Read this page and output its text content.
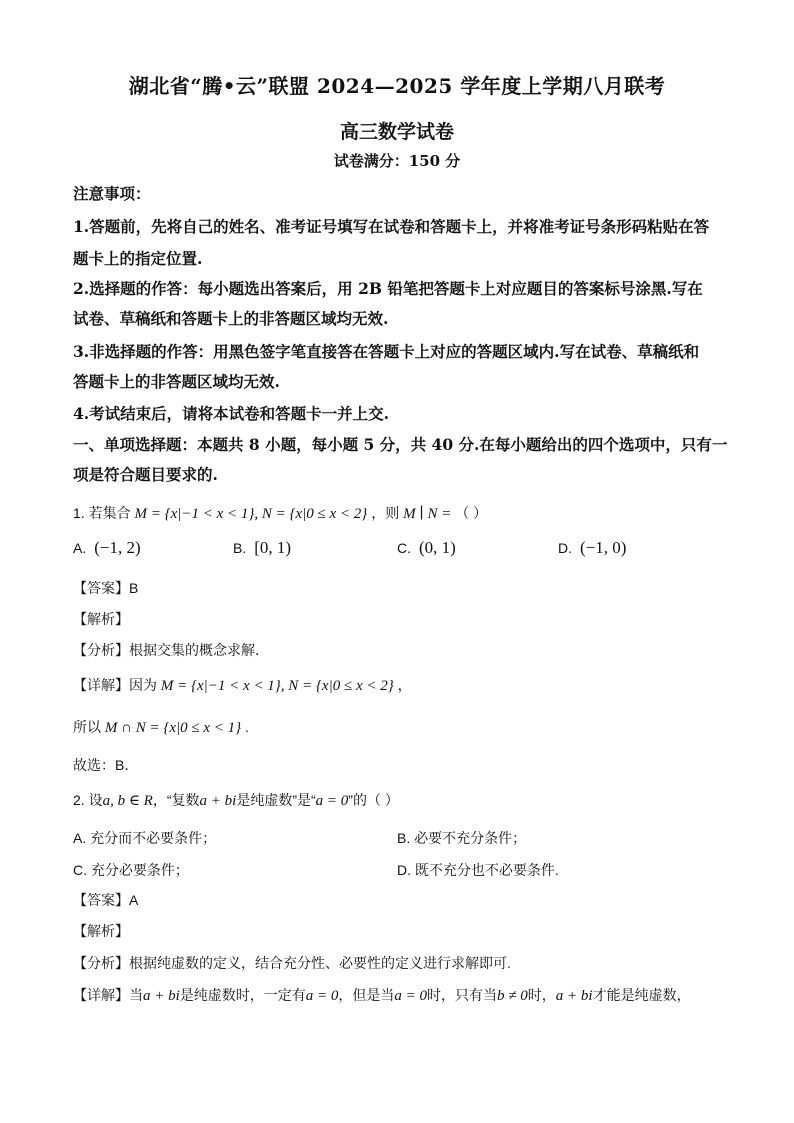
湖北省“腾•云”联盟 2024—2025 学年度上学期八月联考
高三数学试卷
试卷满分：150 分
注意事项：
1.答题前，先将自己的姓名、准考证号填写在试卷和答题卡上，并将准考证号条形码粘贴在答
题卡上的指定位置.
2.选择题的作答：每小题选出答案后，用 2B 铅笔把答题卡上对应题目的答案标号涂黑.写在
试卷、草稿纸和答题卡上的非答题区域均无效.
3.非选择题的作答：用黑色签字笔直接答在答题卡上对应的答题区域内.写在试卷、草稿纸和
答题卡上的非答题区域均无效.
4.考试结束后，请将本试卷和答题卡一并上交.
一、单项选择题：本题共 8 小题，每小题 5 分，共 40 分.在每小题给出的四个选项中，只有一
项是符合题目要求的.
1. 若集合 M = {x|−1 < x < 1}, N = {x|0 ≤ x < 2} ，则 M ∣ N = （ ）
A. (−1, 2)	B. [0, 1)	C. (0, 1)	D. (−1, 0)
【答案】B
【解析】
【分析】根据交集的概念求解．
【详解】因为 M = {x|−1 < x < 1}, N = {x|0 ≤ x < 2} ，
所以 M ∩ N = {x|0 ≤ x < 1} .
故选：B．
2. 设a, b ∈ R，“复数a + bi是纯虚数”是“a = 0”的（ ）
A. 充分而不必要条件；	B. 必要不充分条件；
C. 充分必要条件；	D. 既不充分也不必要条件.
【答案】A
【解析】
【分析】根据纯虚数的定义，结合充分性、必要性的定义进行求解即可.
【详解】当a + bi是纯虚数时，一定有a = 0，但是当a = 0时，只有当b ≠ 0时，a + bi才能是纯虚数，
